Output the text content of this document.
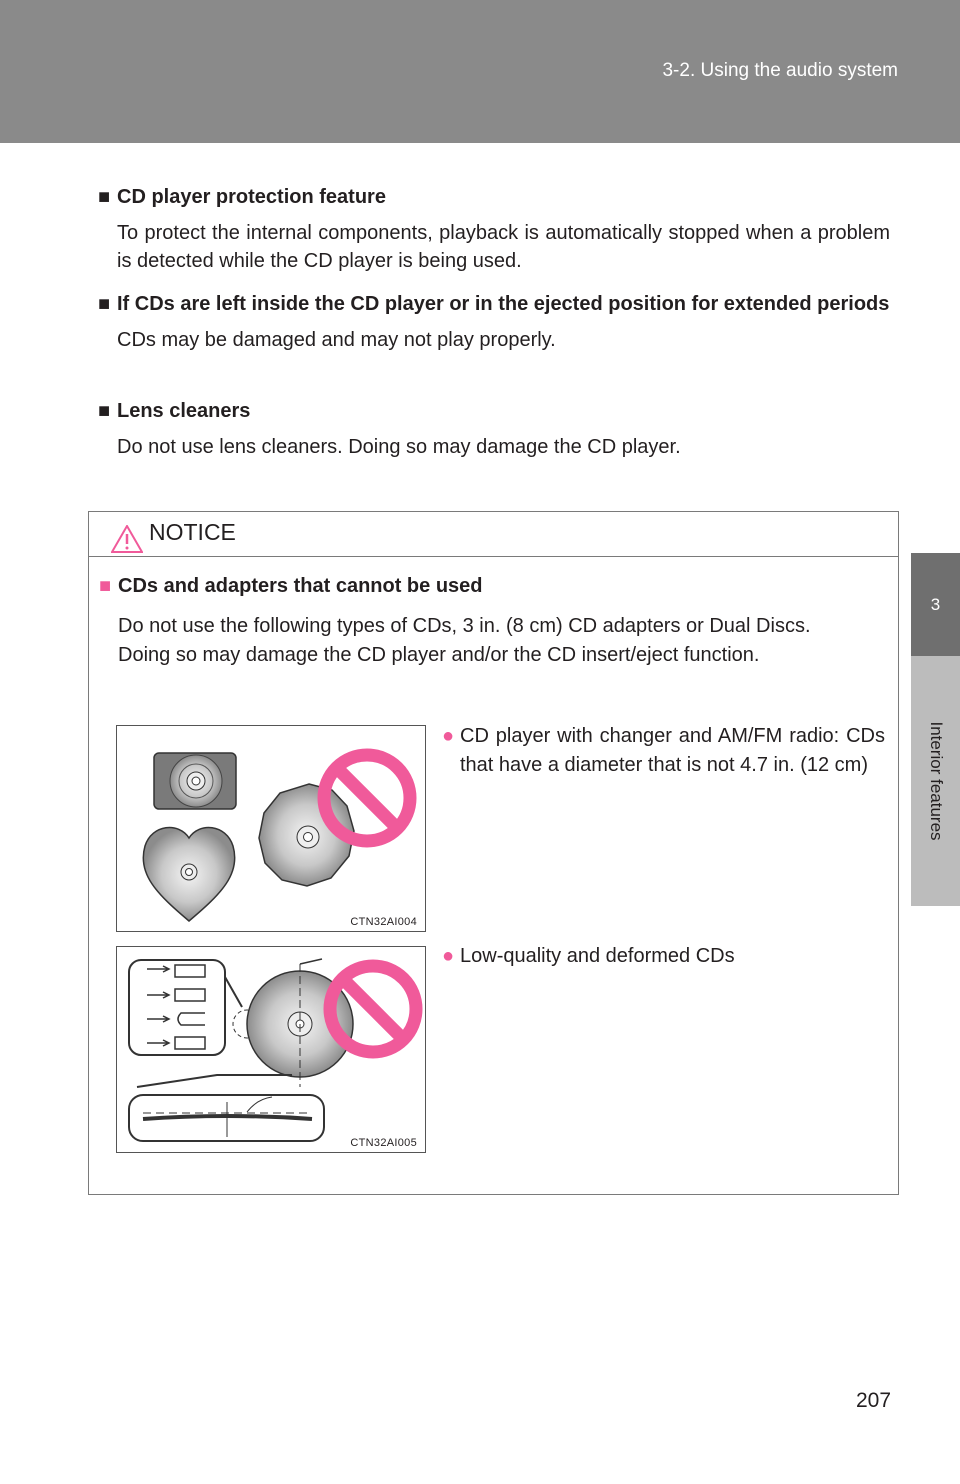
3-2. Using the audio system
3
Interior features
■ CD player protection feature
To protect the internal components, playback is automatically stopped when a problem is detected while the CD player is being used.
■ If CDs are left inside the CD player or in the ejected position for extended periods
CDs may be damaged and may not play properly.
■ Lens cleaners
Do not use lens cleaners. Doing so may damage the CD player.
NOTICE
■ CDs and adapters that cannot be used
Do not use the following types of CDs, 3 in. (8 cm) CD adapters or Dual Discs.
Doing so may damage the CD player and/or the CD insert/eject function.
CTN32AI004
● CD player with changer and AM/FM radio: CDs that have a diameter that is not 4.7 in. (12 cm)
CTN32AI005
● Low-quality and deformed CDs
207
